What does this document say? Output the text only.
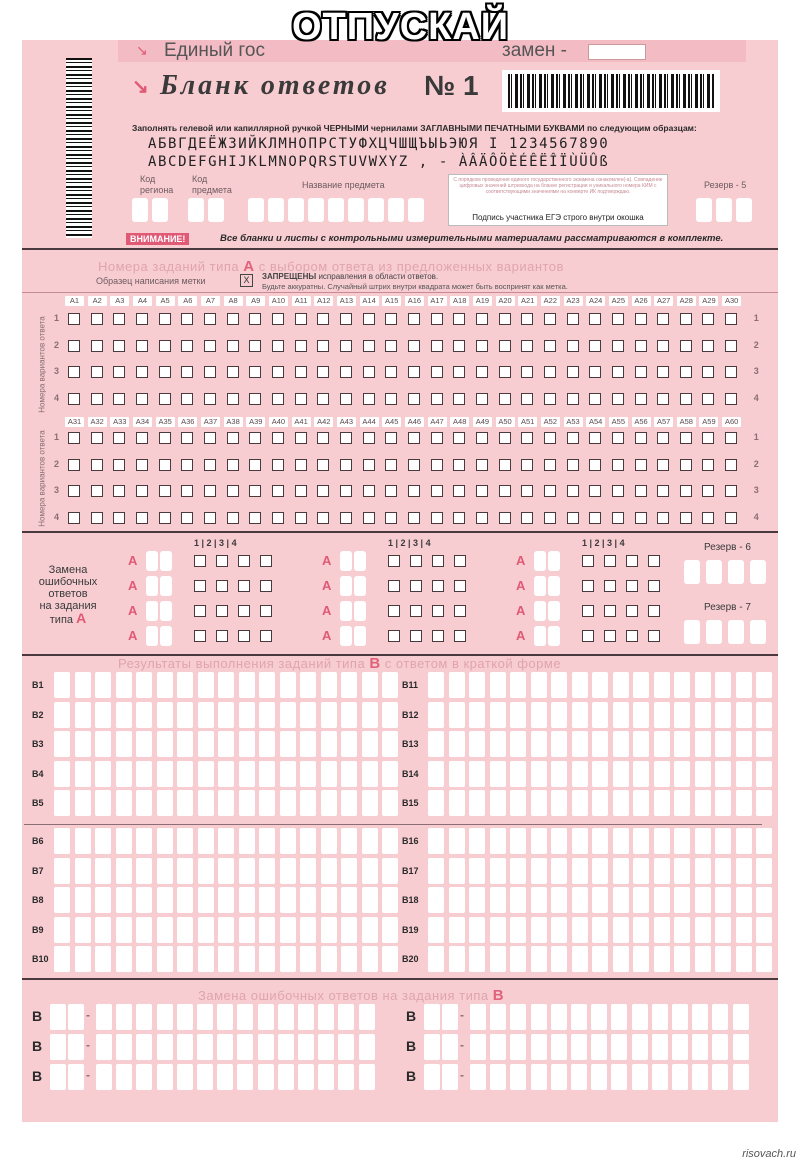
↘ Единый гос	замен -
ОТПУСКАЙ
↘ Бланк ответов № 1
Заполнять гелевой или капиллярной ручкой ЧЕРНЫМИ чернилами ЗАГЛАВНЫМИ ПЕЧАТНЫМИ БУКВАМИ по следующим образцам:
АБВГДЕЁЖЗИЙКЛМНОПРСТУФХЦЧШЩЪЫЬЭЮЯ I 1234567890
ABCDEFGHIJKLMNOPQRSTUVWXYZ , - ÀÂÄÔÖÈÉÊËÎÏÙÜÛß
Код региона
Код предмета	Название предмета	С порядком проведения единого государственного экзамена ознакомлен(-а). Совпадение цифровых значений штрихкода на бланке регистрации и уникального номера КИМ с соответствующими значениями на конверте ИК подтверждаю.
Подпись участника ЕГЭ строго внутри окошка
Резерв - 5
ВНИМАНИЕ!	Все бланки и листы с контрольными измерительными материалами рассматриваются в комплекте.
Номера заданий типа А с выбором ответа из предложенных вариантов
Образец написания метки	X	ЗАПРЕЩЕНЫ исправления в области ответов.
Будьте аккуратны. Случайный штрих внутри квадрата может быть воспринят как метка.
Номера вариантов ответа
Номера вариантов ответа
A1	A2	A3	A4	A5	A6	A7	A8	A9	A10	A11	A12	A13	A14	A15	A16	A17	A18	A19	A20	A21	A22	A23	A24	A25	A26	A27	A28	A29	A30
1	1
2	2
3	3
4	4
A31	A32	A33	A34	A35	A36	A37	A38	A39	A40	A41	A42	A43	A44	A45	A46	A47	A48	A49	A50	A51	A52	A53	A54	A55	A56	A57	A58	A59	A60
1	1
2	2
3	3
4	4
Замена
ошибочных
ответов
на задания
типа А
1 | 2 | 3 | 4
А
А
А
А
1 | 2 | 3 | 4
А
А
А
А
1 | 2 | 3 | 4
А
А
А
А
Резерв - 6
Резерв - 7
Результаты выполнения заданий типа В с ответом в краткой форме
B1	B11
B2	B12
B3	B13
B4	B14
B5	B15
B6	B16
B7	B17
B8	B18
B9	B19
B10	B20
Замена ошибочных ответов на задания типа В
B	-	B	-
B	-	B	-
B	-	B	-
risovach.ru
